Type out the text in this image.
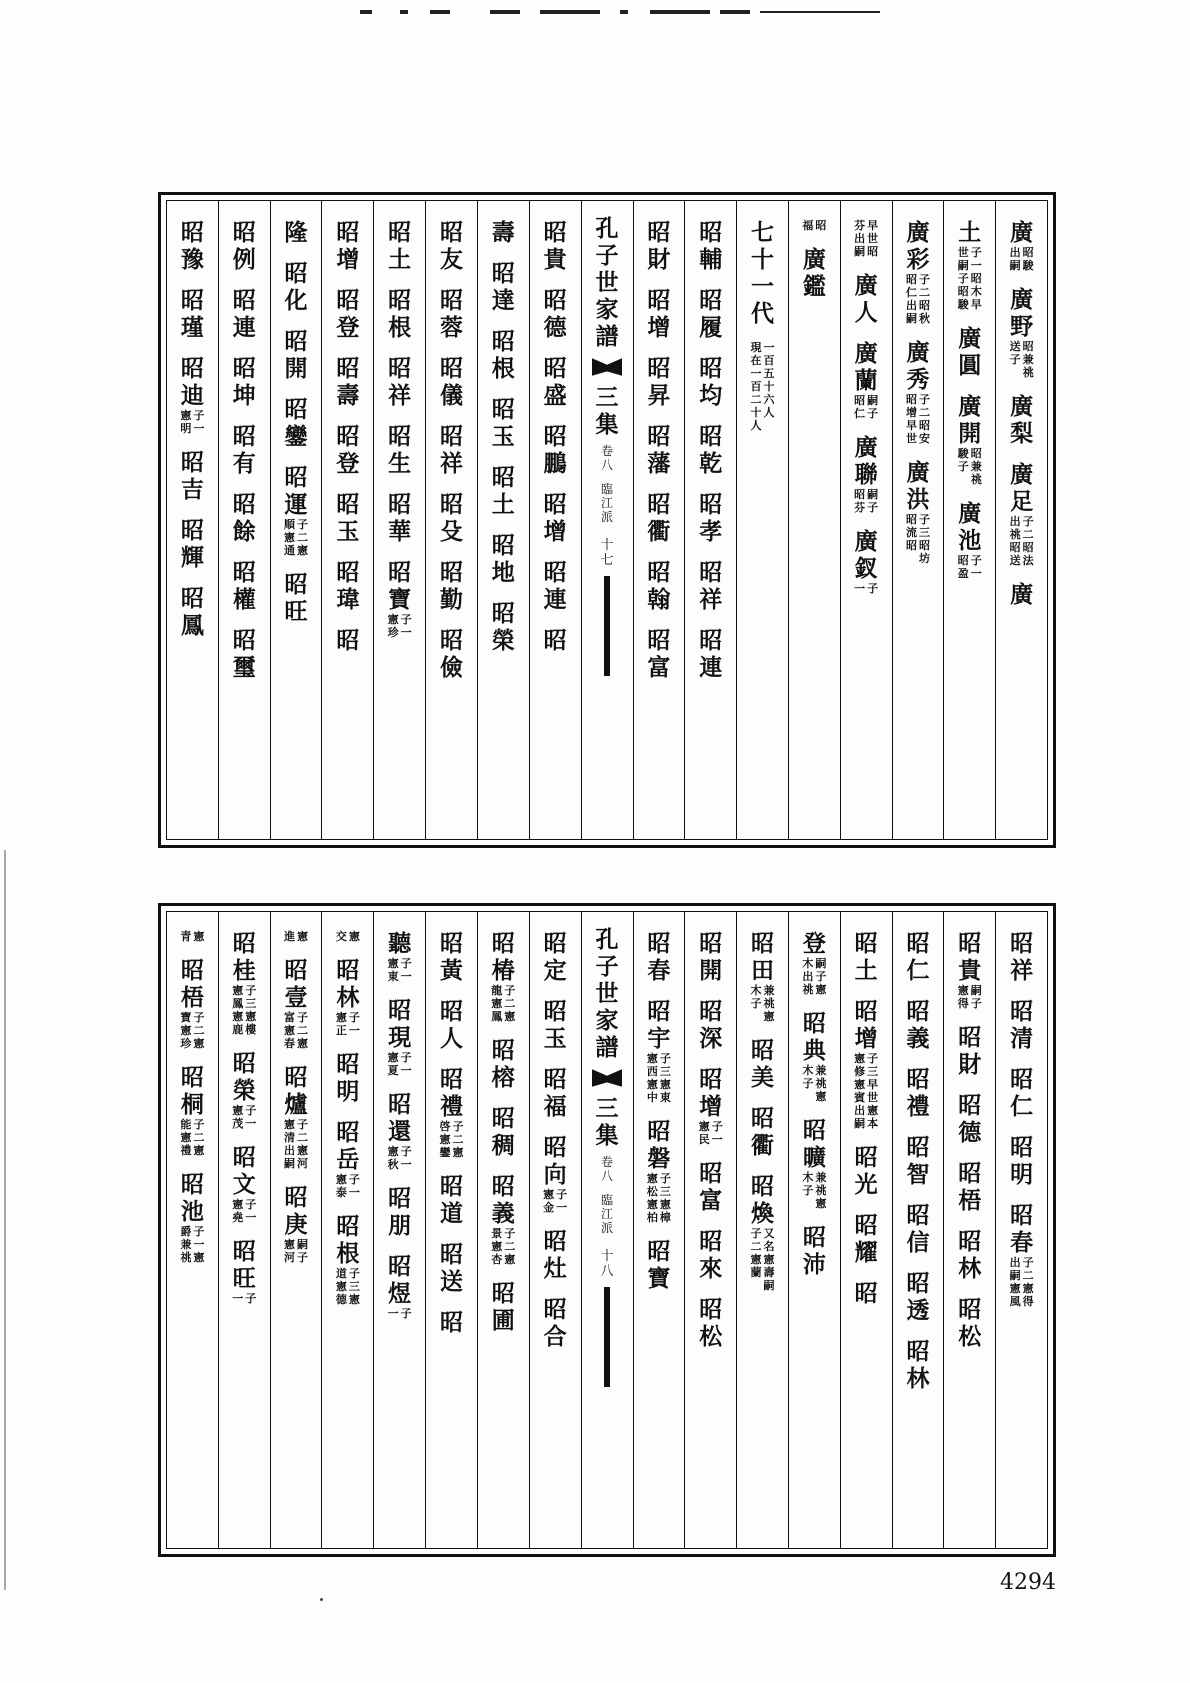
廣
昭
駿
出
嗣
廣
野
昭
兼
祧
送
子
廣
梨
廣
足
子
二
昭
法
出
祧
昭
送
廣
土
子
一
昭
木
早
世
嗣
子
昭
駿
廣
圓
廣
開
昭
兼
祧
駿
子
廣
池
子
一
昭
盈
廣
彩
子
二
昭
秋
昭
仁
出
嗣
廣
秀
子
二
昭
安
昭
增
早
世
廣
洪
子
三
昭
坊
昭
流
昭
早
世
昭
芬
出
嗣
廣
人
廣
蘭
嗣
子
昭
仁
廣
聯
嗣
子
昭
芬
廣
釵
子
一
昭
福
廣
鑑
七
十
一
代
一
百
五
十
六
人
現
在
一
百
二
十
人
昭
輔
昭
履
昭
均
昭
乾
昭
孝
昭
祥
昭
連
昭
財
昭
增
昭
昇
昭
藩
昭
衢
昭
翰
昭
富
孔
子
世
家
譜
三
集
卷
八
臨
江
派
十
七
昭
貴
昭
德
昭
盛
昭
鵬
昭
增
昭
連
昭
壽
昭
達
昭
根
昭
玉
昭
土
昭
地
昭
榮
昭
友
昭
蓉
昭
儀
昭
祥
昭
殳
昭
勤
昭
儉
昭
土
昭
根
昭
祥
昭
生
昭
華
昭
寶
子
一
憲
珍
昭
增
昭
登
昭
壽
昭
登
昭
玉
昭
瑋
昭
隆
昭
化
昭
開
昭
鑾
昭
運
子
二
憲
順
憲
通
昭
旺
昭
例
昭
連
昭
坤
昭
有
昭
餘
昭
權
昭
璽
昭
豫
昭
瑾
昭
迪
子
一
憲
明
昭
吉
昭
輝
昭
鳳
昭
祥
昭
清
昭
仁
昭
明
昭
春
子
二
憲
得
出
嗣
憲
風
昭
貴
嗣
子
憲
得
昭
財
昭
德
昭
梧
昭
林
昭
松
昭
仁
昭
義
昭
禮
昭
智
昭
信
昭
透
昭
林
昭
土
昭
增
子
三
早
世
憲
本
憲
修
憲
賓
出
嗣
昭
光
昭
耀
昭
登
嗣
子
憲
木
出
祧
昭
典
兼
祧
憲
木
子
昭
曠
兼
祧
憲
木
子
昭
沛
昭
田
兼
祧
憲
木
子
昭
美
昭
衢
昭
煥
又
名
憲
壽
嗣
子
二
憲
蘭
昭
開
昭
深
昭
增
子
一
憲
民
昭
富
昭
來
昭
松
昭
春
昭
宇
子
三
憲
東
憲
西
憲
中
昭
磐
子
三
憲
樟
憲
松
憲
柏
昭
寶
孔
子
世
家
譜
三
集
卷
八
臨
江
派
十
八
昭
定
昭
玉
昭
福
昭
向
子
一
憲
金
昭
灶
昭
合
昭
椿
子
二
憲
龍
憲
鳳
昭
榕
昭
稠
昭
義
子
二
憲
景
憲
杏
昭
圃
昭
黃
昭
人
昭
禮
子
二
憲
啓
憲
鑾
昭
道
昭
送
昭
聽
子
一
憲
東
昭
現
子
一
憲
夏
昭
還
子
一
憲
秋
昭
朋
昭
煜
子
一
憲
交
昭
林
子
一
憲
正
昭
明
昭
岳
子
一
憲
泰
昭
根
子
三
憲
道
憲
德
憲
進
昭
壹
子
二
憲
富
憲
春
昭
爐
子
二
憲
河
憲
清
出
嗣
昭
庚
嗣
子
憲
河
昭
桂
子
三
憲
樓
憲
鳳
憲
鹿
昭
榮
子
一
憲
茂
昭
文
子
一
憲
堯
昭
旺
子
一
憲
青
昭
梧
子
二
憲
寶
憲
珍
昭
桐
子
二
憲
能
憲
禮
昭
池
子
一
憲
爵
兼
祧
4294
